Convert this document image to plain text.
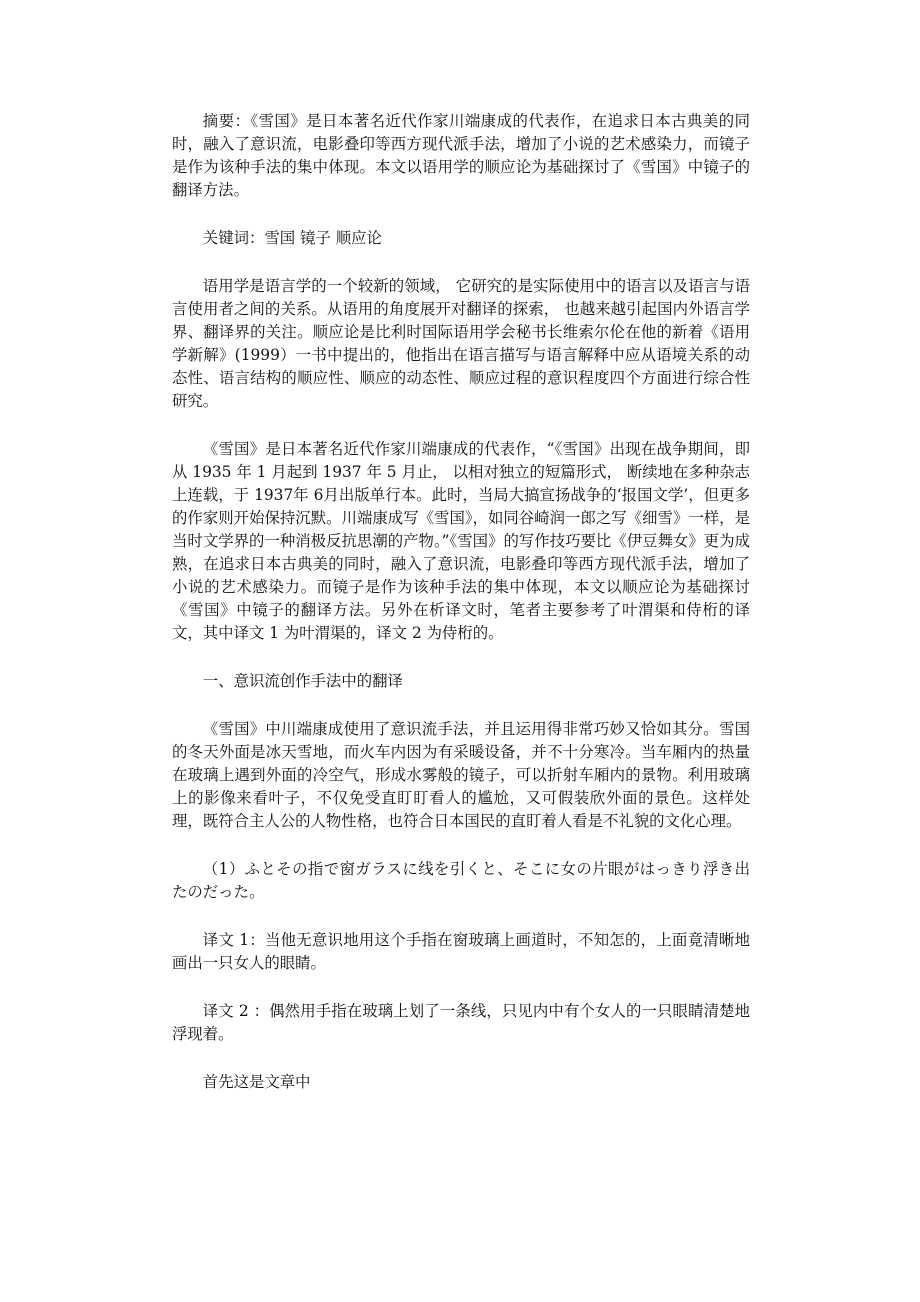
摘要：《雪国》是日本著名近代作家川端康成的代表作，在追求日本古典美的同时，融入了意识流，电影叠印等西方现代派手法，增加了小说的艺术感染力，而镜子是作为该种手法的集中体现。本文以语用学的顺应论为基础探讨了《雪国》中镜子的翻译方法。

关键词：雪国 镜子 顺应论

语用学是语言学的一个较新的领域， 它研究的是实际使用中的语言以及语言与语言使用者之间的关系。从语用的角度展开对翻译的探索， 也越来越引起国内外语言学界、翻译界的关注。顺应论是比利时国际语用学会秘书长维索尔伦在他的新着《语用学新解》(1999）一书中提出的，他指出在语言描写与语言解释中应从语境关系的动态性、语言结构的顺应性、顺应的动态性、顺应过程的意识程度四个方面进行综合性研究。

《雪国》是日本著名近代作家川端康成的代表作，“《雪国》出现在战争期间，即从 1935 年 1 月起到 1937 年 5 月止， 以相对独立的短篇形式， 断续地在多种杂志上连载，于 1937年 6月出版单行本。此时，当局大搞宣扬战争的‘报国文学’，但更多的作家则开始保持沉默。川端康成写《雪国》，如同谷崎润一郎之写《细雪》一样，是当时文学界的一种消极反抗思潮的产物。”《雪国》的写作技巧要比《伊豆舞女》更为成熟，在追求日本古典美的同时，融入了意识流，电影叠印等西方现代派手法，增加了小说的艺术感染力。而镜子是作为该种手法的集中体现，本文以顺应论为基础探讨《雪国》中镜子的翻译方法。另外在析译文时，笔者主要参考了叶渭渠和侍桁的译文，其中译文 1 为叶渭渠的，译文 2 为侍桁的。

一、意识流创作手法中的翻译

《雪国》中川端康成使用了意识流手法，并且运用得非常巧妙又恰如其分。雪国的冬天外面是冰天雪地，而火车内因为有采暖设备，并不十分寒冷。当车厢内的热量在玻璃上遇到外面的冷空气，形成水雾般的镜子，可以折射车厢内的景物。利用玻璃上的影像来看叶子，不仅免受直盯盯看人的尴尬，又可假装欣外面的景色。这样处理，既符合主人公的人物性格，也符合日本国民的直盯着人看是不礼貌的文化心理。

（1）ふとその指で窗ガラスに线を引くと、そこに女の片眼がはっきり浮き出たのだった。

译文 1：当他无意识地用这个手指在窗玻璃上画道时，不知怎的，上面竟清晰地画出一只女人的眼睛。

译文 2 ：偶然用手指在玻璃上划了一条线，只见内中有个女人的一只眼睛清楚地浮现着。

首先这是文章中
